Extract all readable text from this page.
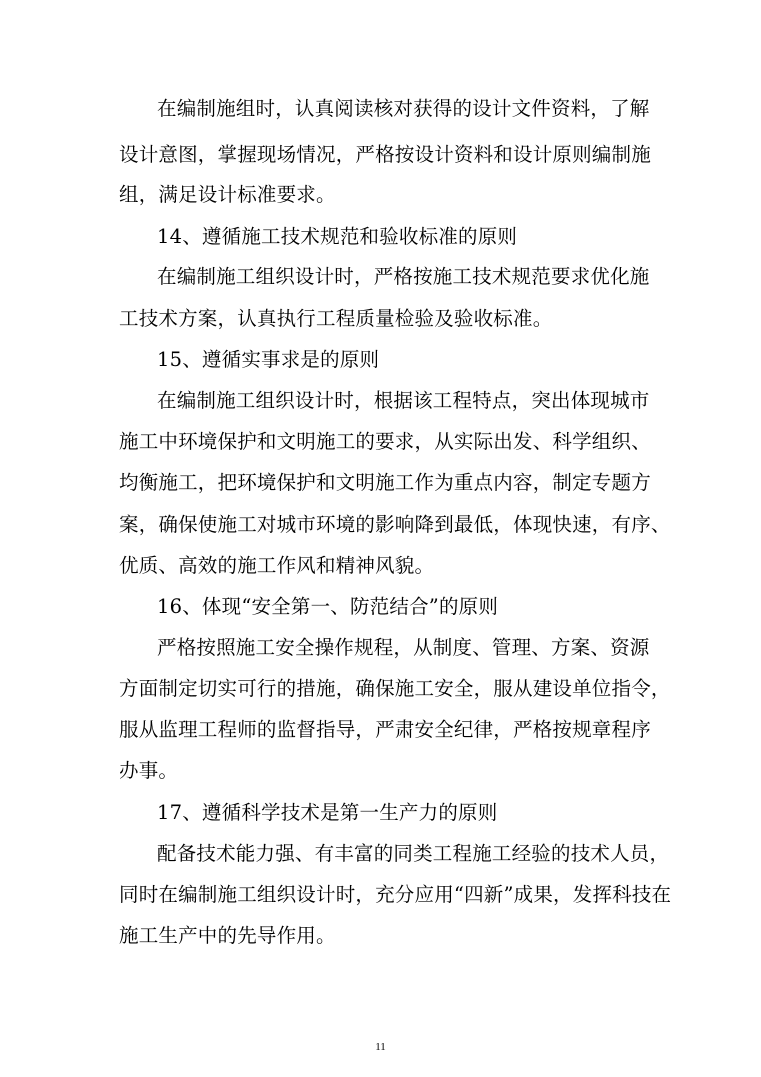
在编制施组时，认真阅读核对获得的设计文件资料，了解
设计意图，掌握现场情况，严格按设计资料和设计原则编制施
组，满足设计标准要求。
14、遵循施工技术规范和验收标准的原则
在编制施工组织设计时，严格按施工技术规范要求优化施
工技术方案，认真执行工程质量检验及验收标准。
15、遵循实事求是的原则
在编制施工组织设计时，根据该工程特点，突出体现城市
施工中环境保护和文明施工的要求，从实际出发、科学组织、
均衡施工，把环境保护和文明施工作为重点内容，制定专题方
案，确保使施工对城市环境的影响降到最低，体现快速，有序、
优质、高效的施工作风和精神风貌。
16、体现“安全第一、防范结合”的原则
严格按照施工安全操作规程，从制度、管理、方案、资源
方面制定切实可行的措施，确保施工安全，服从建设单位指令，
服从监理工程师的监督指导，严肃安全纪律，严格按规章程序
办事。
17、遵循科学技术是第一生产力的原则
配备技术能力强、有丰富的同类工程施工经验的技术人员，
同时在编制施工组织设计时，充分应用“四新”成果，发挥科技在
施工生产中的先导作用。
11
